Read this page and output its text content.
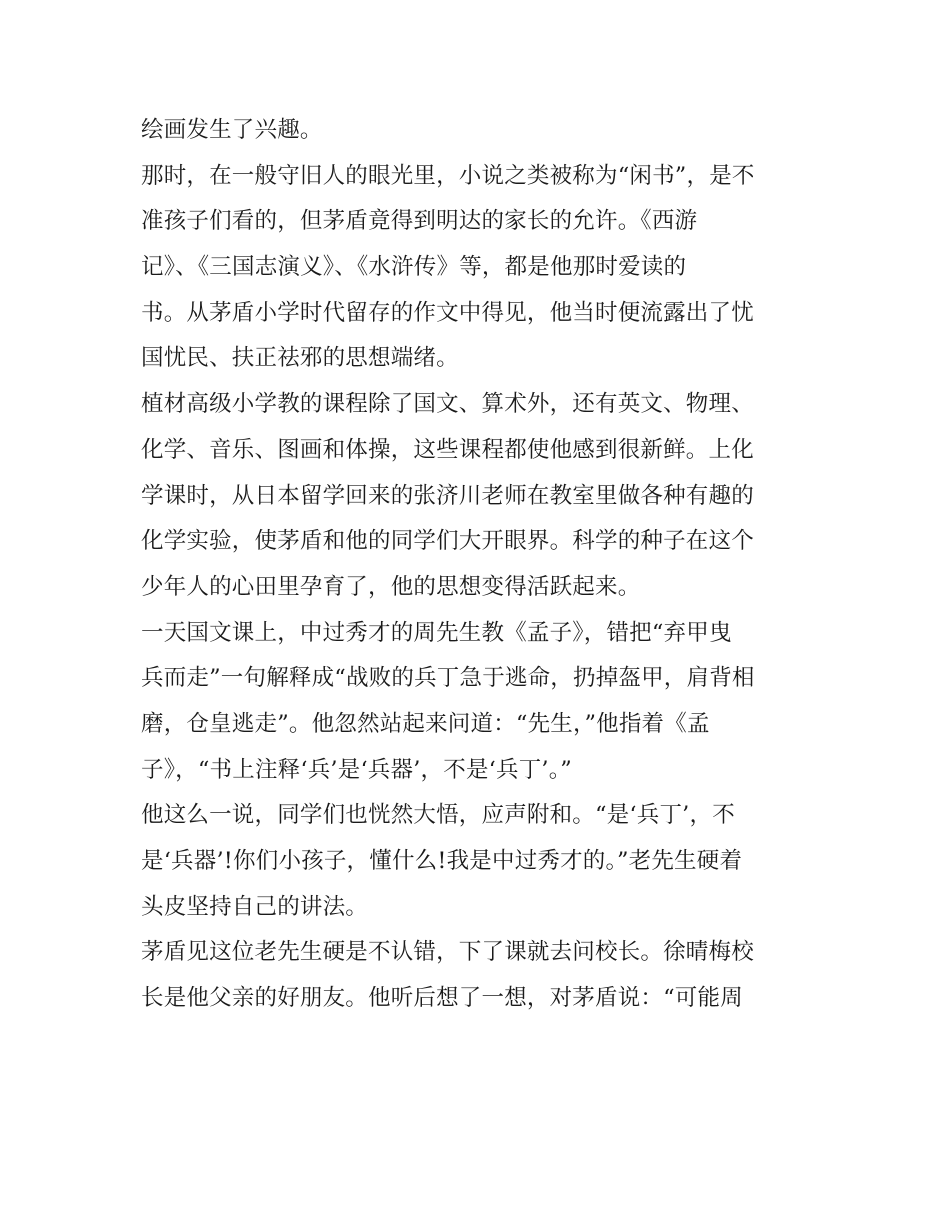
绘画发生了兴趣。
那时，在一般守旧人的眼光里，小说之类被称为“闲书”，是不
准孩子们看的，但茅盾竟得到明达的家长的允许。《西游
记》、《三国志演义》、《水浒传》等，都是他那时爱读的
书。从茅盾小学时代留存的作文中得见，他当时便流露出了忧
国忧民、扶正祛邪的思想端绪。
植材高级小学教的课程除了国文、算术外，还有英文、物理、
化学、音乐、图画和体操，这些课程都使他感到很新鲜。上化
学课时，从日本留学回来的张济川老师在教室里做各种有趣的
化学实验，使茅盾和他的同学们大开眼界。科学的种子在这个
少年人的心田里孕育了，他的思想变得活跃起来。
一天国文课上，中过秀才的周先生教《孟子》，错把“弃甲曳
兵而走”一句解释成“战败的兵丁急于逃命，扔掉盔甲，肩背相
磨，仓皇逃走”。他忽然站起来问道：“先生，”他指着《孟
子》，“书上注释‘兵’是‘兵器’，不是‘兵丁’。”
他这么一说，同学们也恍然大悟，应声附和。“是‘兵丁’，不
是‘兵器’!你们小孩子，懂什么!我是中过秀才的。”老先生硬着
头皮坚持自己的讲法。
茅盾见这位老先生硬是不认错，下了课就去问校长。徐晴梅校
长是他父亲的好朋友。他听后想了一想，对茅盾说：“可能周
